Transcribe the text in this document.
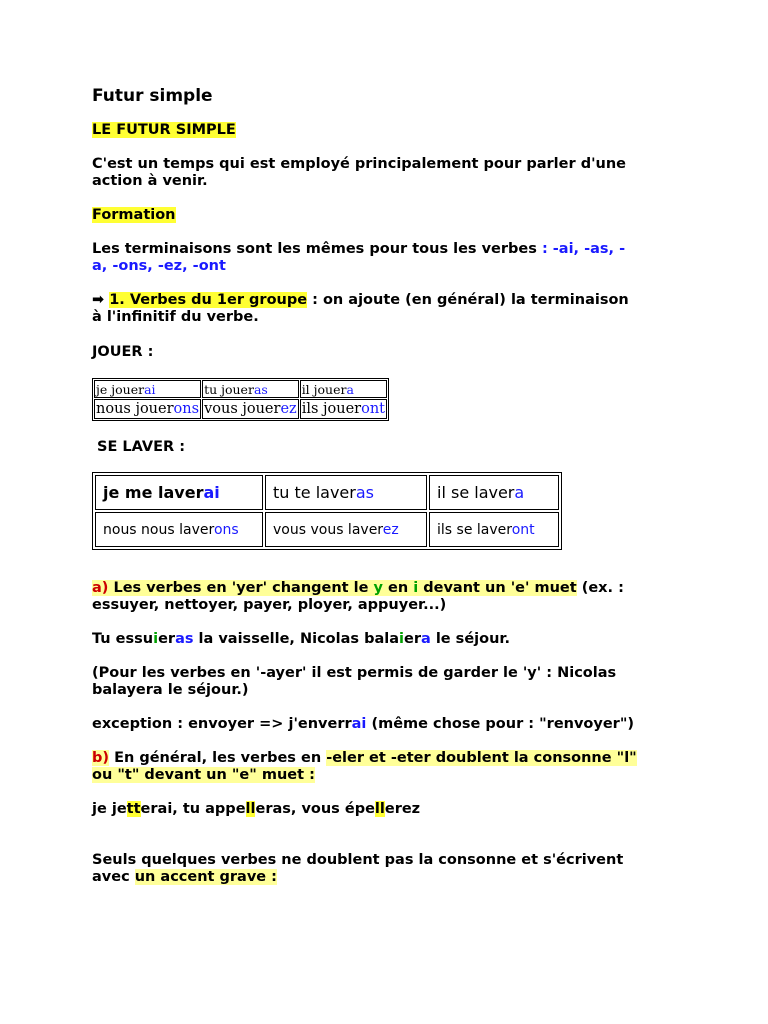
Futur simple
LE FUTUR SIMPLE
C'est un temps qui est employé principalement pour parler d'une
action à venir.
Formation
Les terminaisons sont les mêmes pour tous les verbes : -ai, -as, -
a, -ons, -ez, -ont
➡ 1. Verbes du 1er groupe : on ajoute (en général) la terminaison
à l'infinitif du verbe.
JOUER :
je jouerai	tu joueras	il jouera
nous jouerons	vous jouerez	ils joueront
SE LAVER :
je me laverai	tu te laveras	il se lavera
nous nous laverons	vous vous laverez	ils se laveront
a) Les verbes en 'yer' changent le y en i devant un 'e' muet (ex. :
essuyer, nettoyer, payer, ployer, appuyer...)
Tu essuieras la vaisselle, Nicolas balaiera le séjour.
(Pour les verbes en '-ayer' il est permis de garder le 'y' : Nicolas
balayera le séjour.)
exception : envoyer => j'enverrai (même chose pour : "renvoyer")
b) En général, les verbes en -eler et -eter doublent la consonne "l"
ou "t" devant un "e" muet :
je jetterai, tu appelleras, vous épellerez
Seuls quelques verbes ne doublent pas la consonne et s'écrivent
avec un accent grave :
